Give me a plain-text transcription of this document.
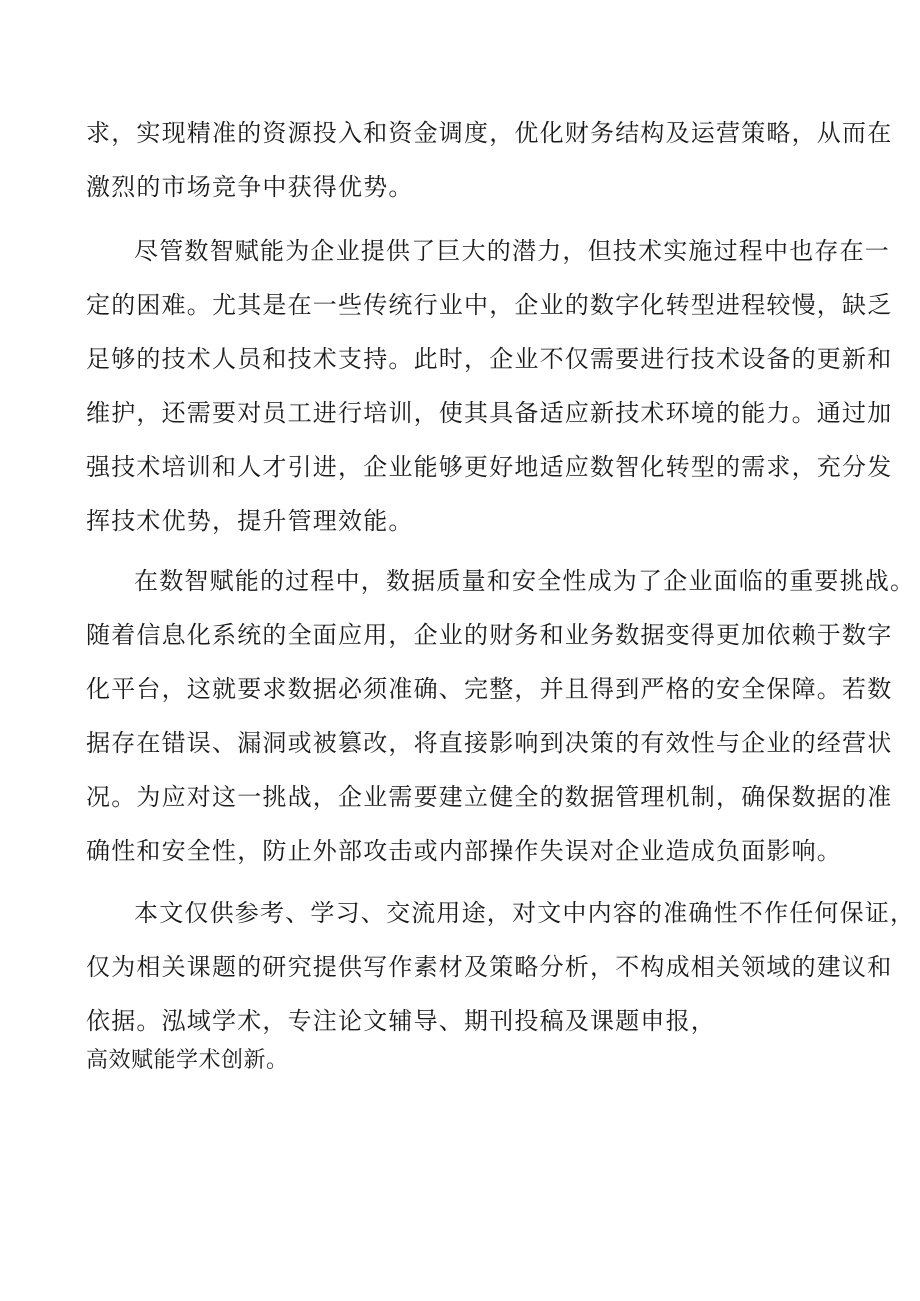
求，实现精准的资源投入和资金调度，优化财务结构及运营策略，从而在

激烈的市场竞争中获得优势。

尽管数智赋能为企业提供了巨大的潜力，但技术实施过程中也存在一

定的困难。尤其是在一些传统行业中，企业的数字化转型进程较慢，缺乏

足够的技术人员和技术支持。此时，企业不仅需要进行技术设备的更新和

维护，还需要对员工进行培训，使其具备适应新技术环境的能力。通过加

强技术培训和人才引进，企业能够更好地适应数智化转型的需求，充分发

挥技术优势，提升管理效能。

在数智赋能的过程中，数据质量和安全性成为了企业面临的重要挑战。

随着信息化系统的全面应用，企业的财务和业务数据变得更加依赖于数字

化平台，这就要求数据必须准确、完整，并且得到严格的安全保障。若数

据存在错误、漏洞或被篡改，将直接影响到决策的有效性与企业的经营状

况。为应对这一挑战，企业需要建立健全的数据管理机制，确保数据的准

确性和安全性，防止外部攻击或内部操作失误对企业造成负面影响。

本文仅供参考、学习、交流用途，对文中内容的准确性不作任何保证，

仅为相关课题的研究提供写作素材及策略分析，不构成相关领域的建议和

依据。泓域学术，专注论文辅导、期刊投稿及课题申报，

高效赋能学术创新。
